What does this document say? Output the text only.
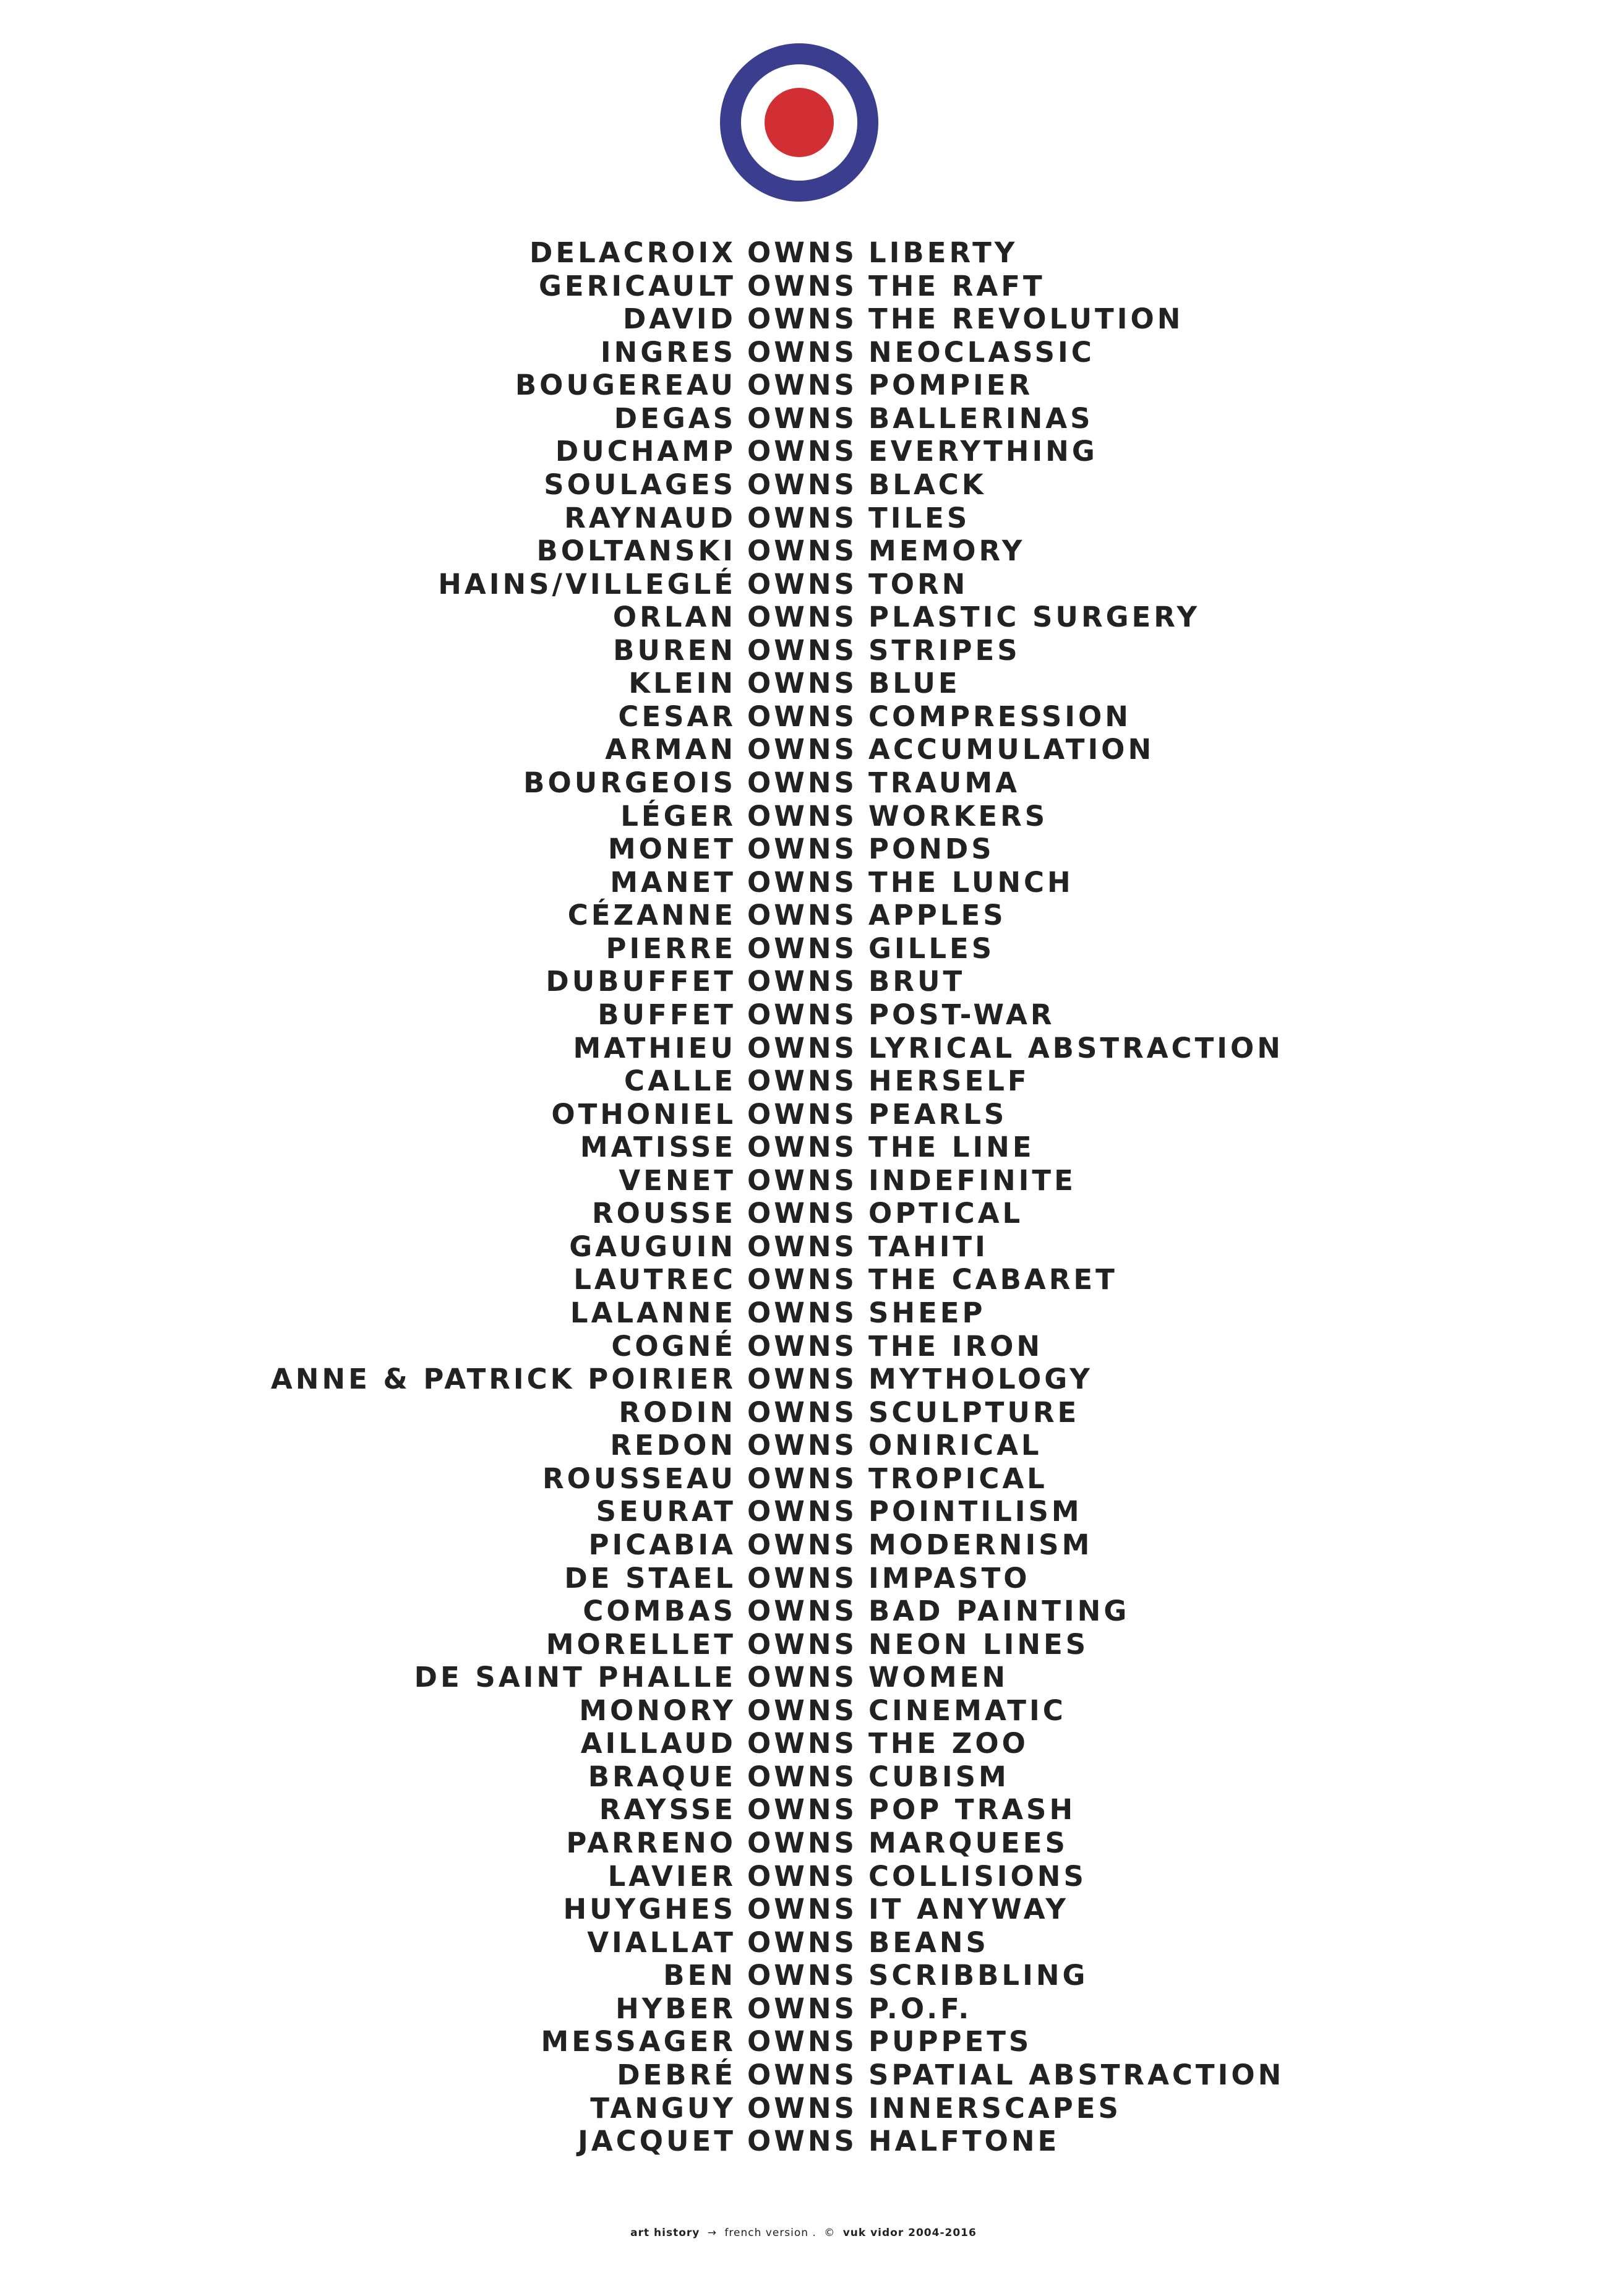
DELACROIX OWNS LIBERTY
GERICAULT OWNS THE RAFT
DAVID OWNS THE REVOLUTION
INGRES OWNS NEOCLASSIC
BOUGEREAU OWNS POMPIER
DEGAS OWNS BALLERINAS
DUCHAMP OWNS EVERYTHING
SOULAGES OWNS BLACK
RAYNAUD OWNS TILES
BOLTANSKI OWNS MEMORY
HAINS/VILLEGLÉ OWNS TORN
ORLAN OWNS PLASTIC SURGERY
BUREN OWNS STRIPES
KLEIN OWNS BLUE
CESAR OWNS COMPRESSION
ARMAN OWNS ACCUMULATION
BOURGEOIS OWNS TRAUMA
LÉGER OWNS WORKERS
MONET OWNS PONDS
MANET OWNS THE LUNCH
CÉZANNE OWNS APPLES
PIERRE OWNS GILLES
DUBUFFET OWNS BRUT
BUFFET OWNS POST-WAR
MATHIEU OWNS LYRICAL ABSTRACTION
CALLE OWNS HERSELF
OTHONIEL OWNS PEARLS
MATISSE OWNS THE LINE
VENET OWNS INDEFINITE
ROUSSE OWNS OPTICAL
GAUGUIN OWNS TAHITI
LAUTREC OWNS THE CABARET
LALANNE OWNS SHEEP
COGNÉ OWNS THE IRON
ANNE & PATRICK POIRIER OWNS MYTHOLOGY
RODIN OWNS SCULPTURE
REDON OWNS ONIRICAL
ROUSSEAU OWNS TROPICAL
SEURAT OWNS POINTILISM
PICABIA OWNS MODERNISM
DE STAEL OWNS IMPASTO
COMBAS OWNS BAD PAINTING
MORELLET OWNS NEON LINES
DE SAINT PHALLE OWNS WOMEN
MONORY OWNS CINEMATIC
AILLAUD OWNS THE ZOO
BRAQUE OWNS CUBISM
RAYSSE OWNS POP TRASH
PARRENO OWNS MARQUEES
LAVIER OWNS COLLISIONS
HUYGHES OWNS IT ANYWAY
VIALLAT OWNS BEANS
BEN OWNS SCRIBBLING
HYBER OWNS P.O.F.
MESSAGER OWNS PUPPETS
DEBRÉ OWNS SPATIAL ABSTRACTION
TANGUY OWNS INNERSCAPES
JACQUET OWNS HALFTONE
art history → french version . © vuk vidor 2004-2016
